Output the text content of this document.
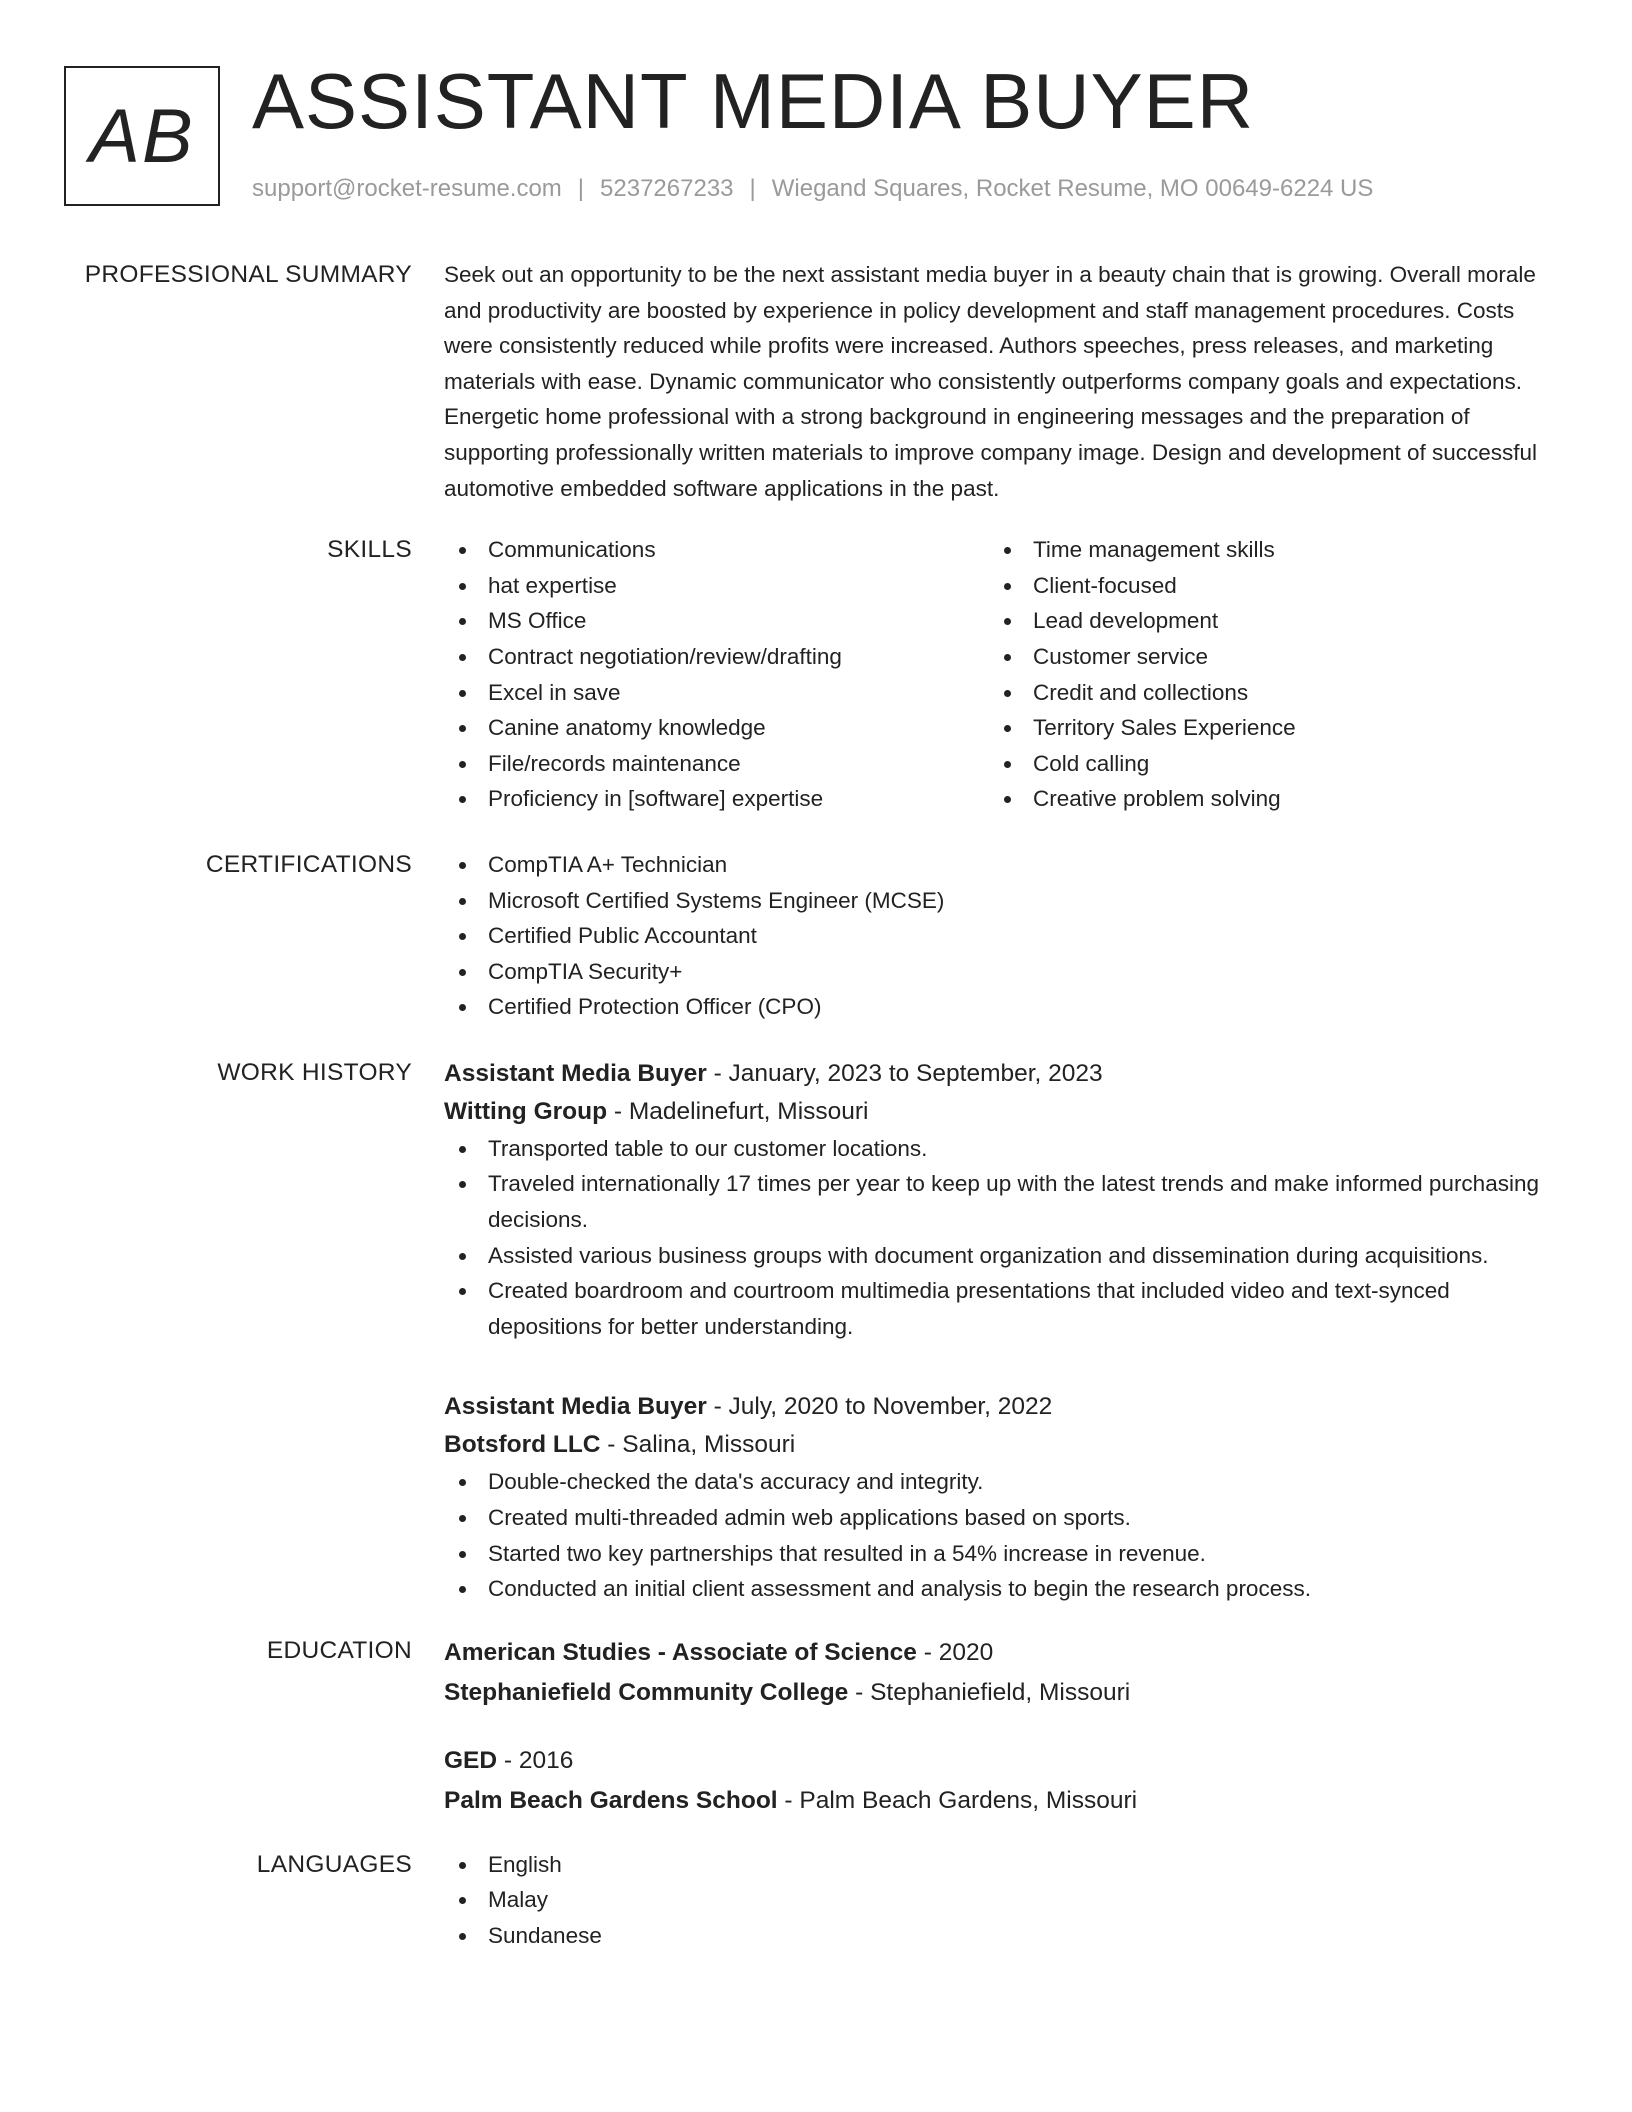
AB ASSISTANT MEDIA BUYER
support@rocket-resume.com | 5237267233 | Wiegand Squares, Rocket Resume, MO 00649-6224 US
PROFESSIONAL SUMMARY Seek out an opportunity to be the next assistant media buyer in a beauty chain that is growing. Overall morale and productivity are boosted by experience in policy development and staff management procedures. Costs were consistently reduced while profits were increased. Authors speeches, press releases, and marketing materials with ease. Dynamic communicator who consistently outperforms company goals and expectations. Energetic home professional with a strong background in engineering messages and the preparation of supporting professionally written materials to improve company image. Design and development of successful automotive embedded software applications in the past.

SKILLS	Communications
hat expertise
MS Office
Contract negotiation/review/drafting
Excel in save
Canine anatomy knowledge
File/records maintenance
Proficiency in [software] expertise
Time management skills
Client-focused
Lead development
Customer service
Credit and collections
Territory Sales Experience
Cold calling
Creative problem solving
CERTIFICATIONS	CompTIA A+ Technician
Microsoft Certified Systems Engineer (MCSE)
Certified Public Accountant
CompTIA Security+
Certified Protection Officer (CPO)
WORK HISTORY Assistant Media Buyer - January, 2023 to September, 2023
Witting Group - Madelinefurt, Missouri
Transported table to our customer locations.
Traveled internationally 17 times per year to keep up with the latest trends and make informed purchasing decisions.
Assisted various business groups with document organization and dissemination during acquisitions.
Created boardroom and courtroom multimedia presentations that included video and text-synced depositions for better understanding.
Assistant Media Buyer - July, 2020 to November, 2022
Botsford LLC - Salina, Missouri
Double-checked the data's accuracy and integrity.
Created multi-threaded admin web applications based on sports.
Started two key partnerships that resulted in a 54% increase in revenue.
Conducted an initial client assessment and analysis to begin the research process.
EDUCATION American Studies - Associate of Science - 2020
Stephaniefield Community College - Stephaniefield, Missouri
GED - 2016
Palm Beach Gardens School - Palm Beach Gardens, Missouri
LANGUAGES	English
Malay
Sundanese
